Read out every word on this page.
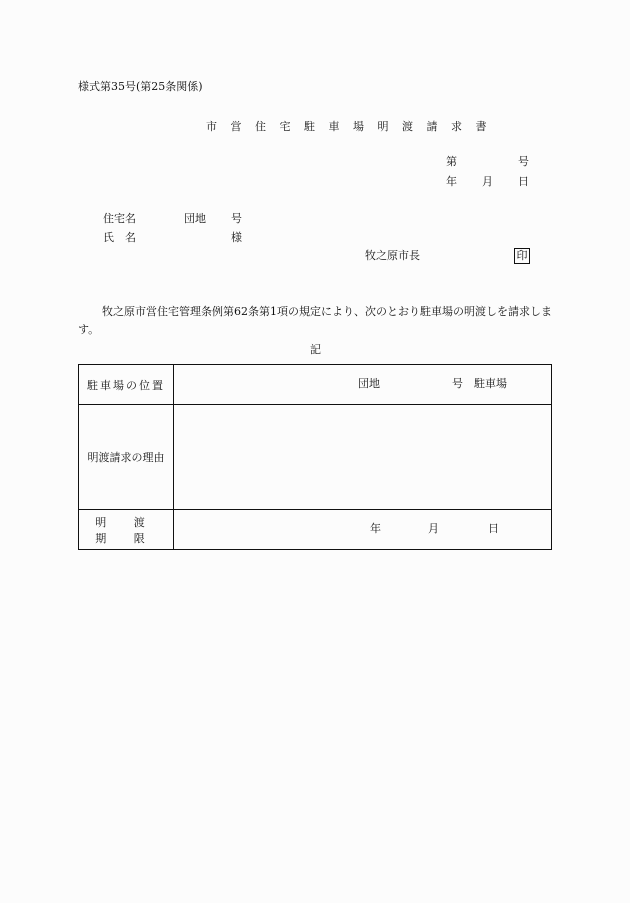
様式第35号(第25条関係)
市 営 住 宅 駐 車 場 明 渡 請 求 書
第	号
年 月 日
住宅名	団地 号
氏　名	様
牧之原市長	印
牧之原市営住宅管理条例第62条第1項の規定により、次のとおり駐車場の明渡しを請求します。
記
駐車場の位置	団地 号 駐車場

明渡請求の理由	
明 渡 期 限	年 月 日
